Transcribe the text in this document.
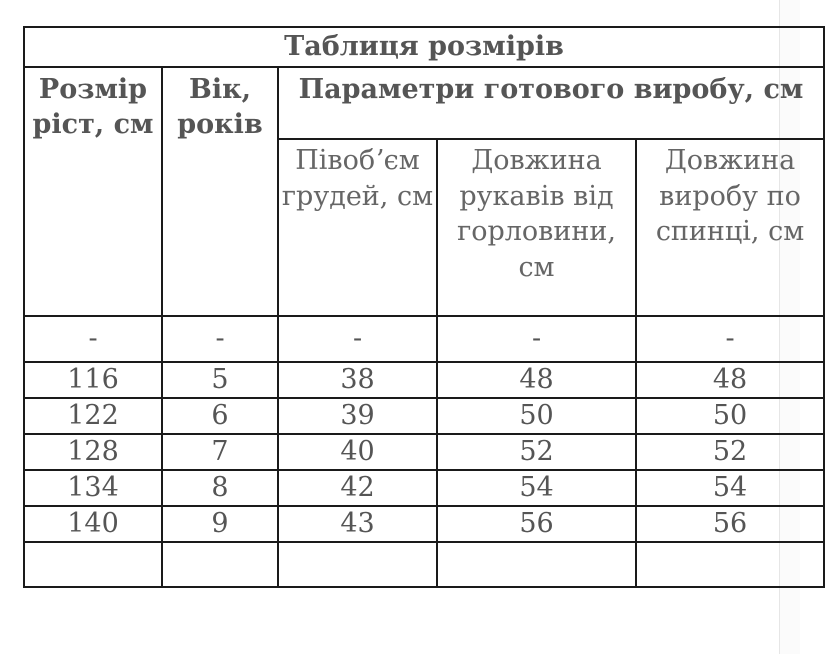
Таблиця розмірів				
Розмір ріст, см	Вік, років	Параметри готового виробу, см		
		Півобʼєм грудей, см	Довжина рукавів від горловини, см	Довжина виробу по спинці, см
-	-	-	-	-
116	5	38	48	48
122	6	39	50	50
128	7	40	52	52
134	8	42	54	54
140	9	43	56	56
